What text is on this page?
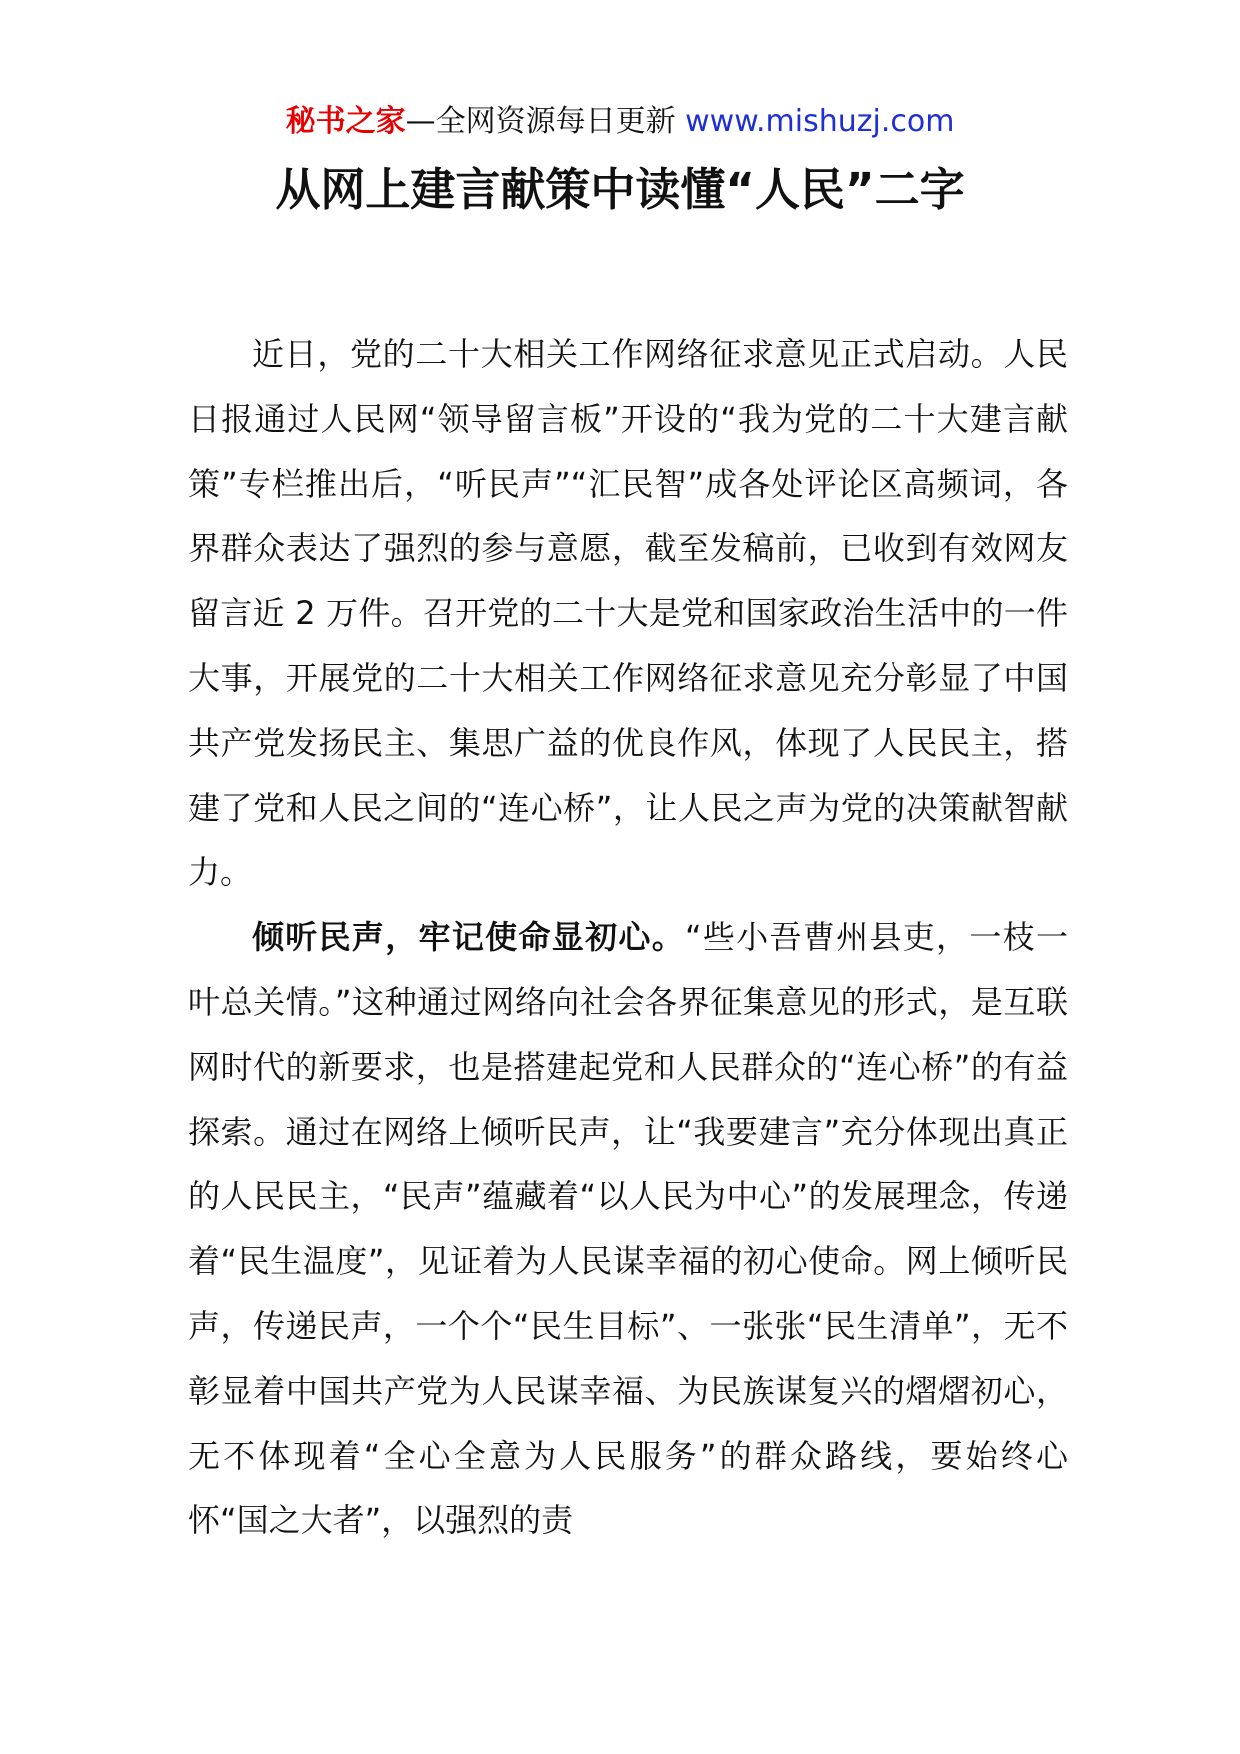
秘书之家—全网资源每日更新 www.mishuzj.com
从网上建言献策中读懂“人民”二字

近日，党的二十大相关工作网络征求意见正式启动。人民日报通过人民网“领导留言板”开设的“我为党的二十大建言献策”专栏推出后，“听民声”“汇民智”成各处评论区高频词，各界群众表达了强烈的参与意愿，截至发稿前，已收到有效网友留言近 2 万件。召开党的二十大是党和国家政治生活中的一件大事，开展党的二十大相关工作网络征求意见充分彰显了中国共产党发扬民主、集思广益的优良作风，体现了人民民主，搭建了党和人民之间的“连心桥”，让人民之声为党的决策献智献力。

倾听民声，牢记使命显初心。“些小吾曹州县吏，一枝一叶总关情。”这种通过网络向社会各界征集意见的形式，是互联网时代的新要求，也是搭建起党和人民群众的“连心桥”的有益探索。通过在网络上倾听民声，让“我要建言”充分体现出真正的人民民主，“民声”蕴藏着“以人民为中心”的发展理念，传递着“民生温度”，见证着为人民谋幸福的初心使命。网上倾听民声，传递民声，一个个“民生目标”、一张张“民生清单”，无不彰显着中国共产党为人民谋幸福、为民族谋复兴的熠熠初心，无不体现着“全心全意为人民服务”的群众路线，要始终心怀“国之大者”，以强烈的责
